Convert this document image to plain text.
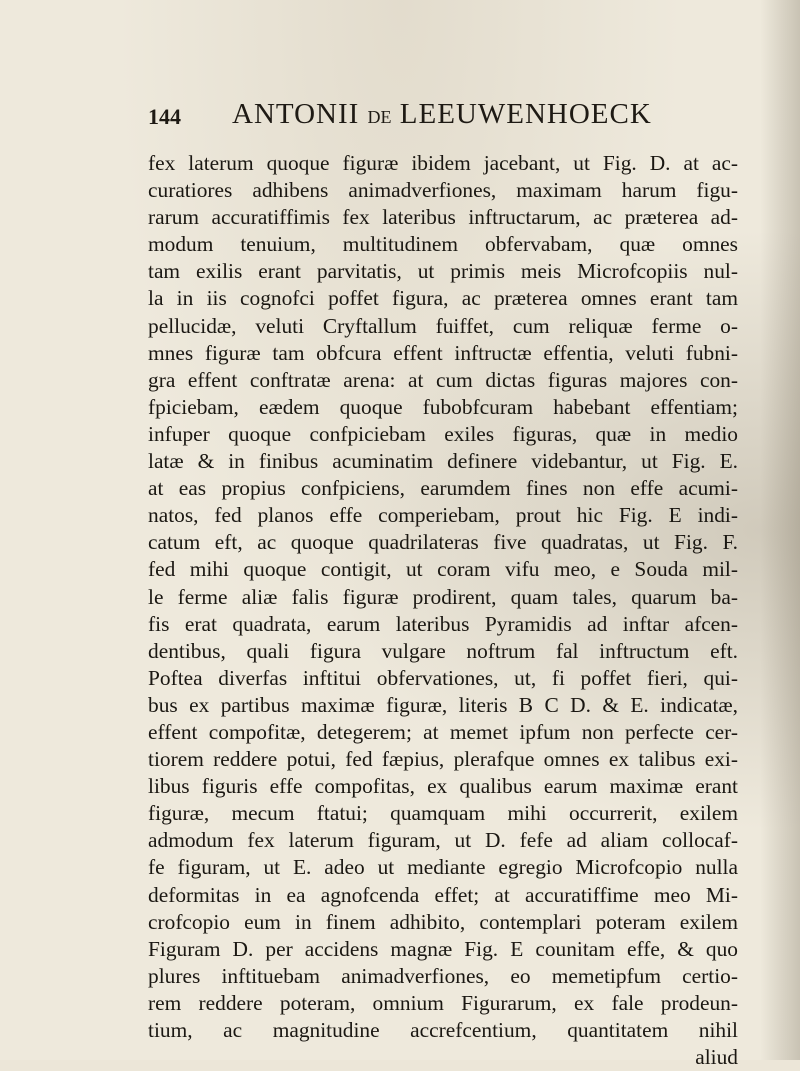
144 ANTONII DE LEEUWENHOECK
fex laterum quoque figuræ ibidem jacebant, ut Fig. D. at ac-
curatiores adhibens animadverfiones, maximam harum figu-
rarum accuratiffimis fex lateribus inftructarum, ac præterea ad-
modum tenuium, multitudinem obfervabam, quæ omnes
tam exilis erant parvitatis, ut primis meis Microfcopiis nul-
la in iis cognofci poffet figura, ac præterea omnes erant tam
pellucidæ, veluti Cryftallum fuiffet, cum reliquæ ferme o-
mnes figuræ tam obfcura effent inftructæ effentia, veluti fubni-
gra effent conftratæ arena: at cum dictas figuras majores con-
fpiciebam, eædem quoque fubobfcuram habebant effentiam;
infuper quoque confpiciebam exiles figuras, quæ in medio
latæ & in finibus acuminatim definere videbantur, ut Fig. E.
at eas propius confpiciens, earumdem fines non effe acumi-
natos, fed planos effe comperiebam, prout hic Fig. E indi-
catum eft, ac quoque quadrilateras five quadratas, ut Fig. F.
fed mihi quoque contigit, ut coram vifu meo, e Souda mil-
le ferme aliæ falis figuræ prodirent, quam tales, quarum ba-
fis erat quadrata, earum lateribus Pyramidis ad inftar afcen-
dentibus, quali figura vulgare noftrum fal inftructum eft.
Poftea diverfas inftitui obfervationes, ut, fi poffet fieri, qui-
bus ex partibus maximæ figuræ, literis B C D. & E. indicatæ,
effent compofitæ, detegerem; at memet ipfum non perfecte cer-
tiorem reddere potui, fed fæpius, plerafque omnes ex talibus exi-
libus figuris effe compofitas, ex qualibus earum maximæ erant
figuræ, mecum ftatui; quamquam mihi occurrerit, exilem
admodum fex laterum figuram, ut D. fefe ad aliam collocaf-
fe figuram, ut E. adeo ut mediante egregio Microfcopio nulla
deformitas in ea agnofcenda effet; at accuratiffime meo Mi-
crofcopio eum in finem adhibito, contemplari poteram exilem
Figuram D. per accidens magnæ Fig. E counitam effe, & quo
plures inftituebam animadverfiones, eo memetipfum certio-
rem reddere poteram, omnium Figurarum, ex fale prodeun-
tium, ac magnitudine accrefcentium, quantitatem nihil
aliud
